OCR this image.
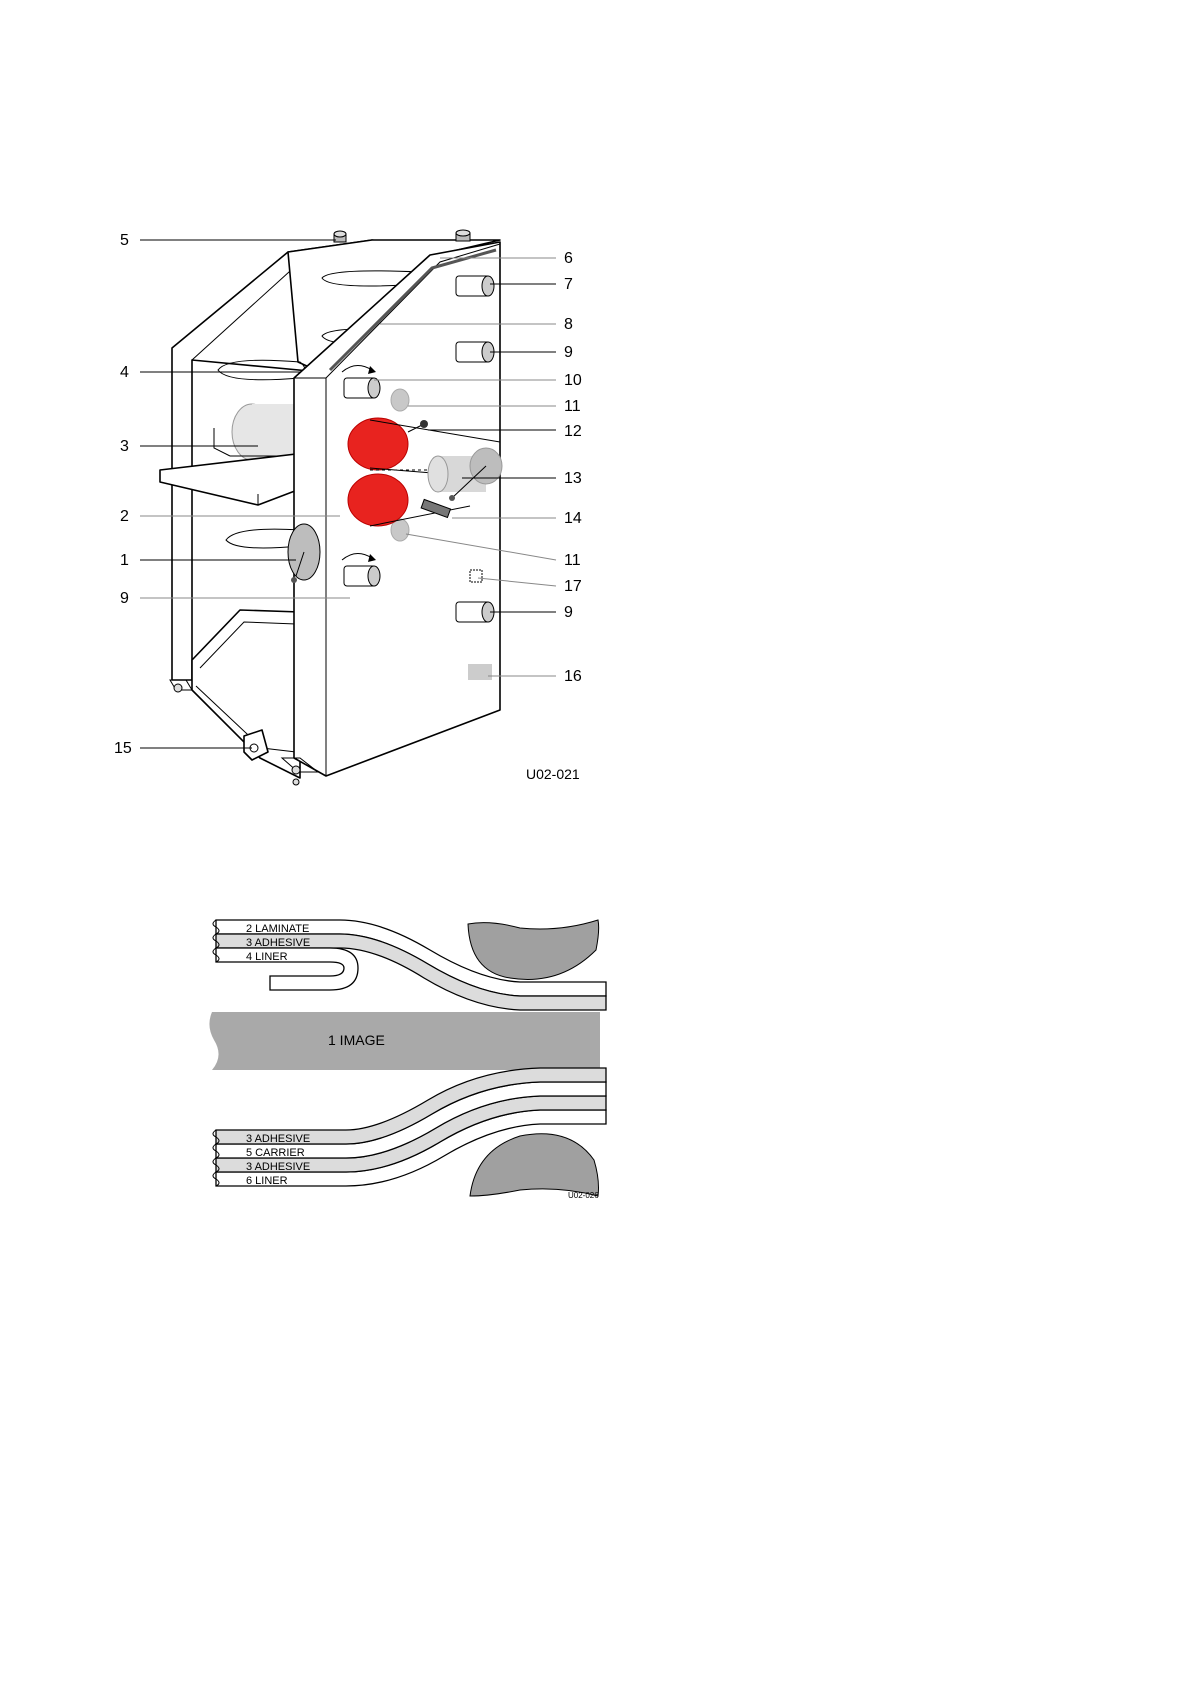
5
6
7
8
9
10
11
12
13
14
11
17
9
16
4
3
2
1
9
15
U02-021
2 LAMINATE
3 ADHESIVE
4 LINER
1 IMAGE
3 ADHESIVE
5 CARRIER
3 ADHESIVE
6 LINER
U02-026
